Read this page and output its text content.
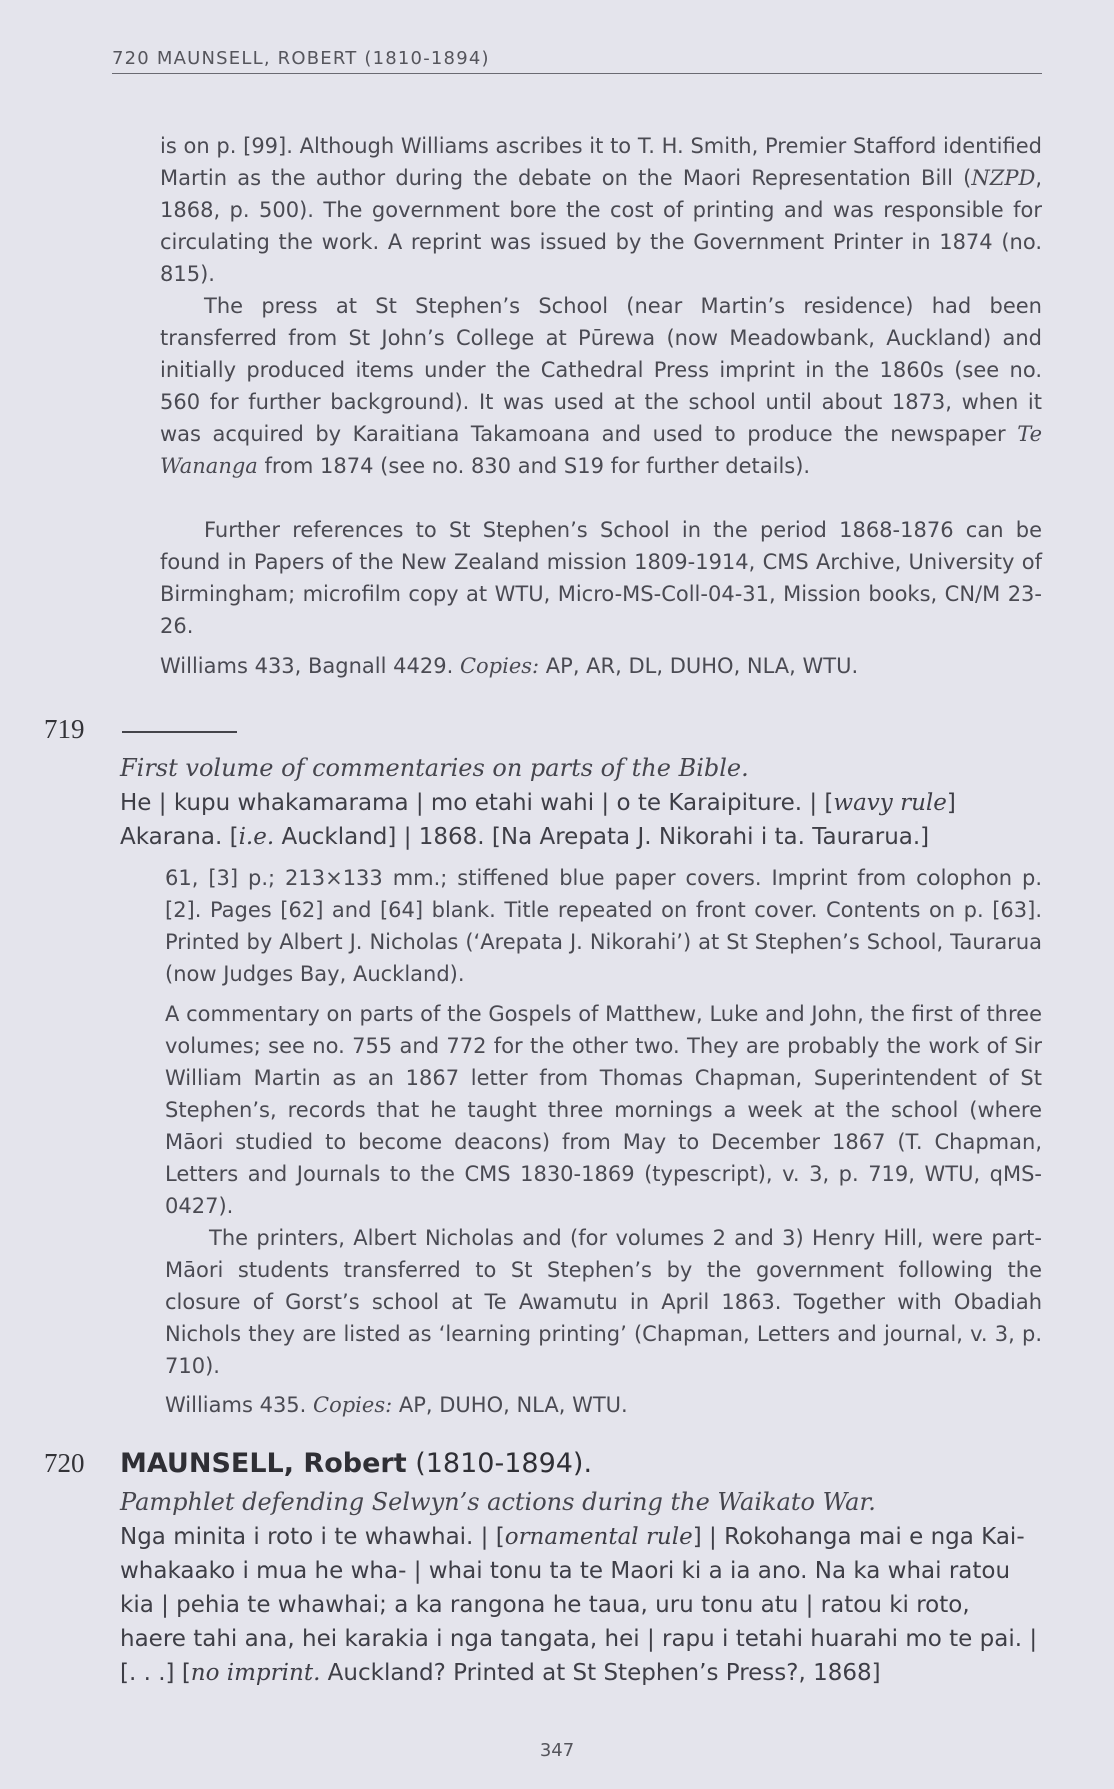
720 MAUNSELL, ROBERT (1810-1894)

is on p. [99]. Although Williams ascribes it to T. H. Smith, Premier Stafford identified Martin as the author during the debate on the Maori Representation Bill (NZPD, 1868, p. 500). The government bore the cost of printing and was responsible for circulating the work. A reprint was issued by the Government Printer in 1874 (no. 815).

The press at St Stephen’s School (near Martin’s residence) had been transferred from St John’s College at Pūrewa (now Meadowbank, Auckland) and initially produced items under the Cathedral Press imprint in the 1860s (see no. 560 for further background). It was used at the school until about 1873, when it was acquired by Karaitiana Takamoana and used to produce the newspaper Te Wananga from 1874 (see no. 830 and S19 for further details).

Further references to St Stephen’s School in the period 1868-1876 can be found in Papers of the New Zealand mission 1809-1914, CMS Archive, University of Birmingham; microfilm copy at WTU, Micro-MS-Coll-04-31, Mission books, CN/M 23-26.

Williams 433, Bagnall 4429. Copies: AP, AR, DL, DUHO, NLA, WTU.

719

First volume of commentaries on parts of the Bible.

He | kupu whakamarama | mo etahi wahi | o te Karaipiture. | [wavy rule]

Akarana. [i.e. Auckland] | 1868. [Na Arepata J. Nikorahi i ta. Taurarua.]

61, [3] p.; 213×133 mm.; stiffened blue paper covers. Imprint from colophon p. [2]. Pages [62] and [64] blank. Title repeated on front cover. Contents on p. [63]. Printed by Albert J. Nicholas (‘Arepata J. Nikorahi’) at St Stephen’s School, Taurarua (now Judges Bay, Auckland).

A commentary on parts of the Gospels of Matthew, Luke and John, the first of three volumes; see no. 755 and 772 for the other two. They are probably the work of Sir William Martin as an 1867 letter from Thomas Chapman, Superintendent of St Stephen’s, records that he taught three mornings a week at the school (where Māori studied to become deacons) from May to December 1867 (T. Chapman, Letters and Journals to the CMS 1830-1869 (typescript), v. 3, p. 719, WTU, qMS-0427).

The printers, Albert Nicholas and (for volumes 2 and 3) Henry Hill, were part-Māori students transferred to St Stephen’s by the government following the closure of Gorst’s school at Te Awamutu in April 1863. Together with Obadiah Nichols they are listed as ‘learning printing’ (Chapman, Letters and journal, v. 3, p. 710).

Williams 435. Copies: AP, DUHO, NLA, WTU.

720 MAUNSELL, Robert (1810-1894).

Pamphlet defending Selwyn’s actions during the Waikato War.

Nga minita i roto i te whawhai. | [ornamental rule] | Rokohanga mai e nga Kai-whakaako i mua he wha- | whai tonu ta te Maori ki a ia ano. Na ka whai ratou kia | pehia te whawhai; a ka rangona he taua, uru tonu atu | ratou ki roto, haere tahi ana, hei karakia i nga tangata, hei | rapu i tetahi huarahi mo te pai. | [. . .] [no imprint. Auckland? Printed at St Stephen’s Press?, 1868]

347
